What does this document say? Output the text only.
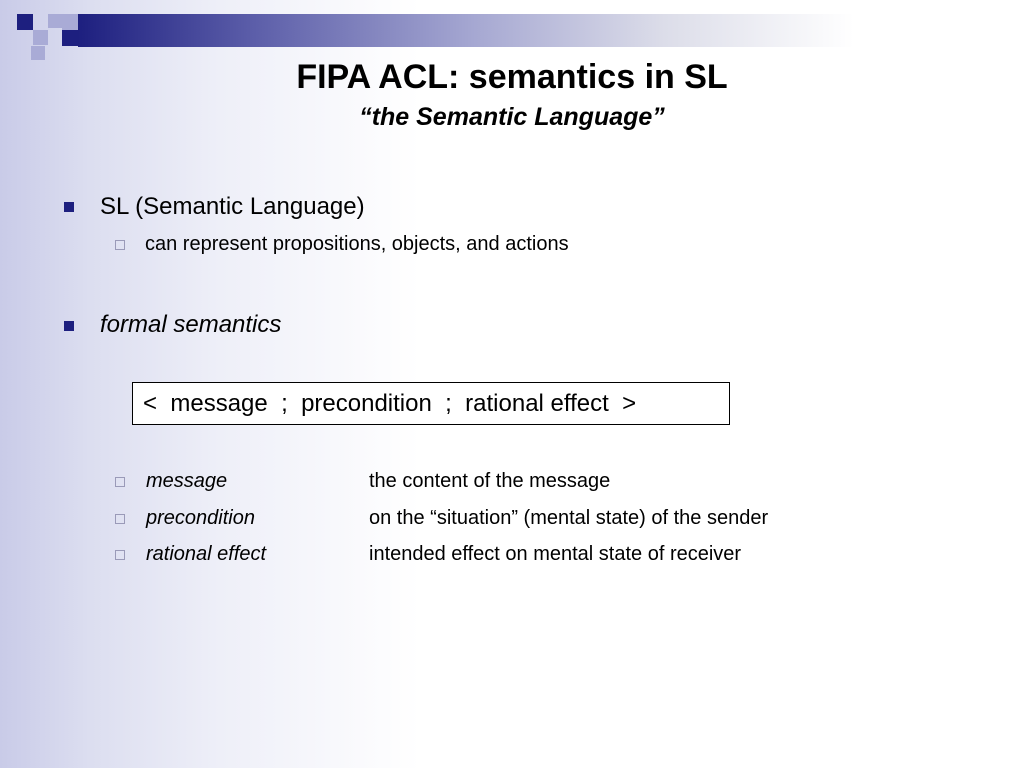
FIPA ACL: semantics in SL
“the Semantic Language”
SL (Semantic Language)
can represent propositions, objects, and actions
formal semantics
<  message  ;  precondition  ;  rational effect  >
message	the content of the message
precondition	on the “situation” (mental state) of the sender
rational effect	intended effect on mental state of receiver
